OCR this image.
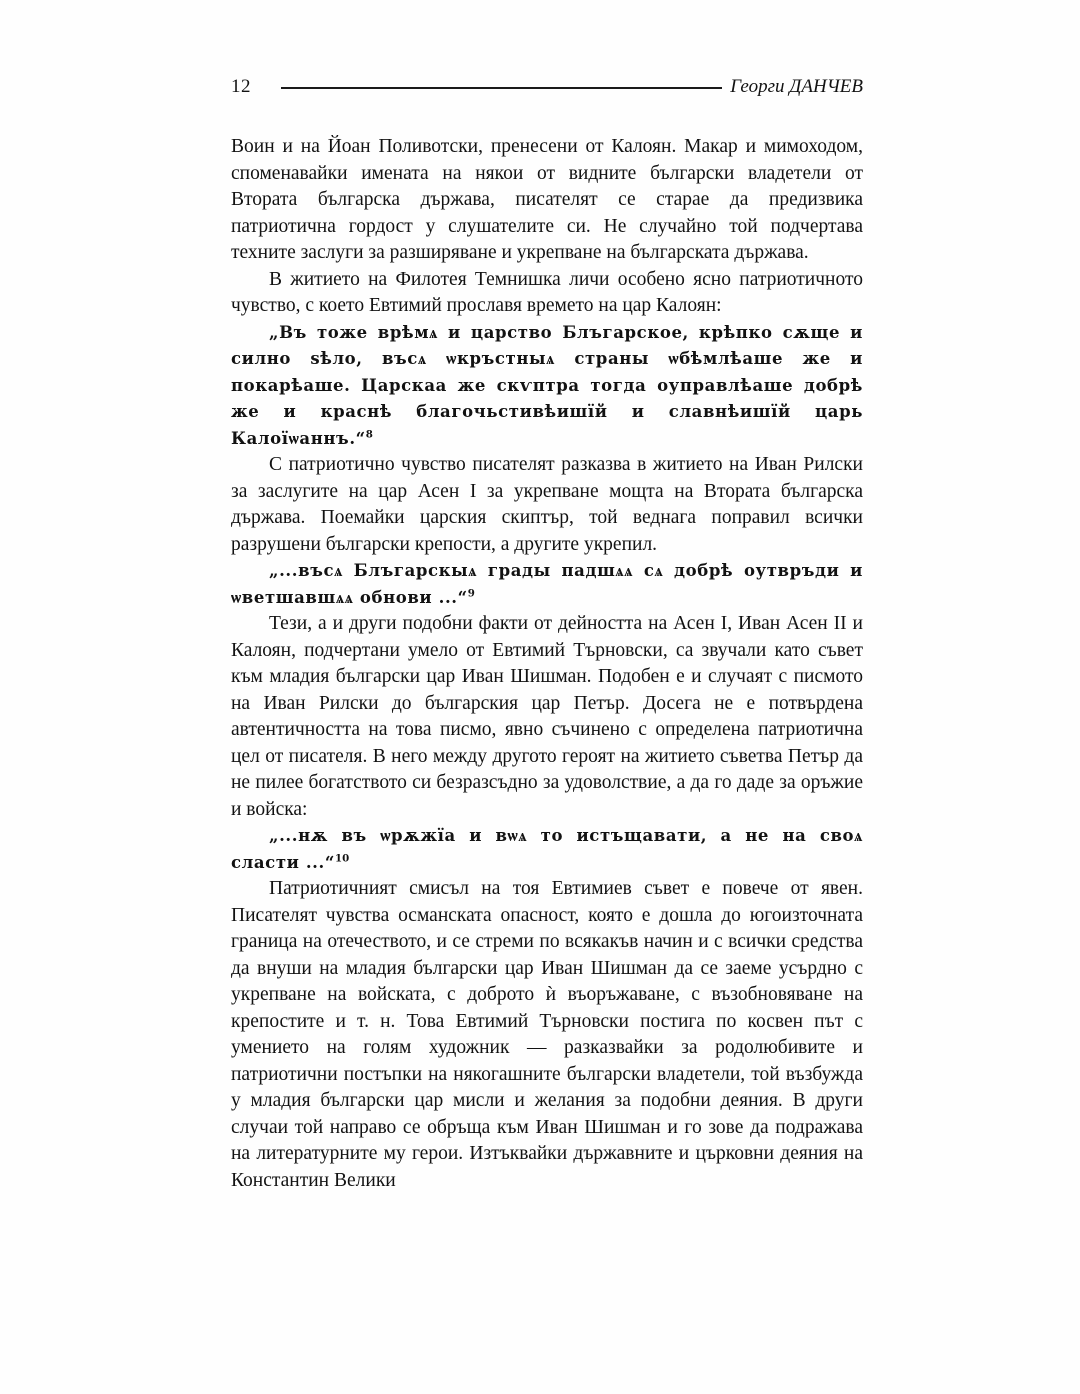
12	Георги ДАНЧЕВ

Воин и на Йоан Поливотски, пренесени от Калоян. Макар и мимоходом, споменавайки имената на някои от видните български владетели от Втората българска държава, писателят се старае да предизвика патриотична гордост у слушателите си. Не случайно той подчертава техните заслуги за разширяване и укрепване на българската държава.

В житието на Филотея Темнишка личи особено ясно патриотичното чувство, с което Евтимий прославя времето на цар Калоян:

„Въ тоже врѣмѧ и царство Блъгарское, крѣпко сѫще и силно ѕѣло, въсѧ ѡкръстныѧ страны ѡбѣмлѣаше же и покарѣаше. Царскаа же скѵптра тогда оуправлѣаше добрѣ же и краснѣ благочьстивѣишїй и славнѣишїй царь Калоїѡаннъ.“$^8$

С патриотично чувство писателят разказва в житието на Иван Рилски за заслугите на цар Асен I за укрепване мощта на Втората българска държава. Поемайки царския скиптър, той веднага поправил всички разрушени български крепости, а другите укрепил.

„...въсѧ Блъгарскыѧ грады падшѧѧ сѧ добрѣ оутвръди и ѡветшавшѧѧ обнови ...“$^9$

Тези, а и други подобни факти от дейността на Асен I, Иван Асен II и Калоян, подчертани умело от Евтимий Търновски, са звучали като съвет към младия български цар Иван Шишман. Подобен е и случаят с писмото на Иван Рилски до българския цар Петър. Досега не е потвърдена автентичността на това писмо, явно съчинено с определена патриотична цел от писателя. В него между другото героят на житието съветва Петър да не пилее богатството си безразсъдно за удоволствие, а да го даде за оръжие и войска:

„...нѫ въ ѡрѫжїа и вѡѧ то истъщавати, а не на своѧ сласти ...“$^{10}$

Патриотичният смисъл на тоя Евтимиев съвет е повече от явен. Писателят чувства османската опасност, която е дошла до югоизточната граница на отечеството, и се стреми по всякакъв начин и с всички средства да внуши на младия български цар Иван Шишман да се заеме усърдно с укрепване на войската, с доброто ѝ въоръжаване, с възобновяване на крепостите и т. н. Това Евтимий Търновски постига по косвен път с умението на голям художник — разказвайки за родолюбивите и патриотични постъпки на някогашните български владетели, той възбужда у младия български цар мисли и желания за подобни деяния. В други случаи той направо се обръща към Иван Шишман и го зове да подражава на литературните му герои. Изтъквайки държавните и църковни деяния на Константин Велики
